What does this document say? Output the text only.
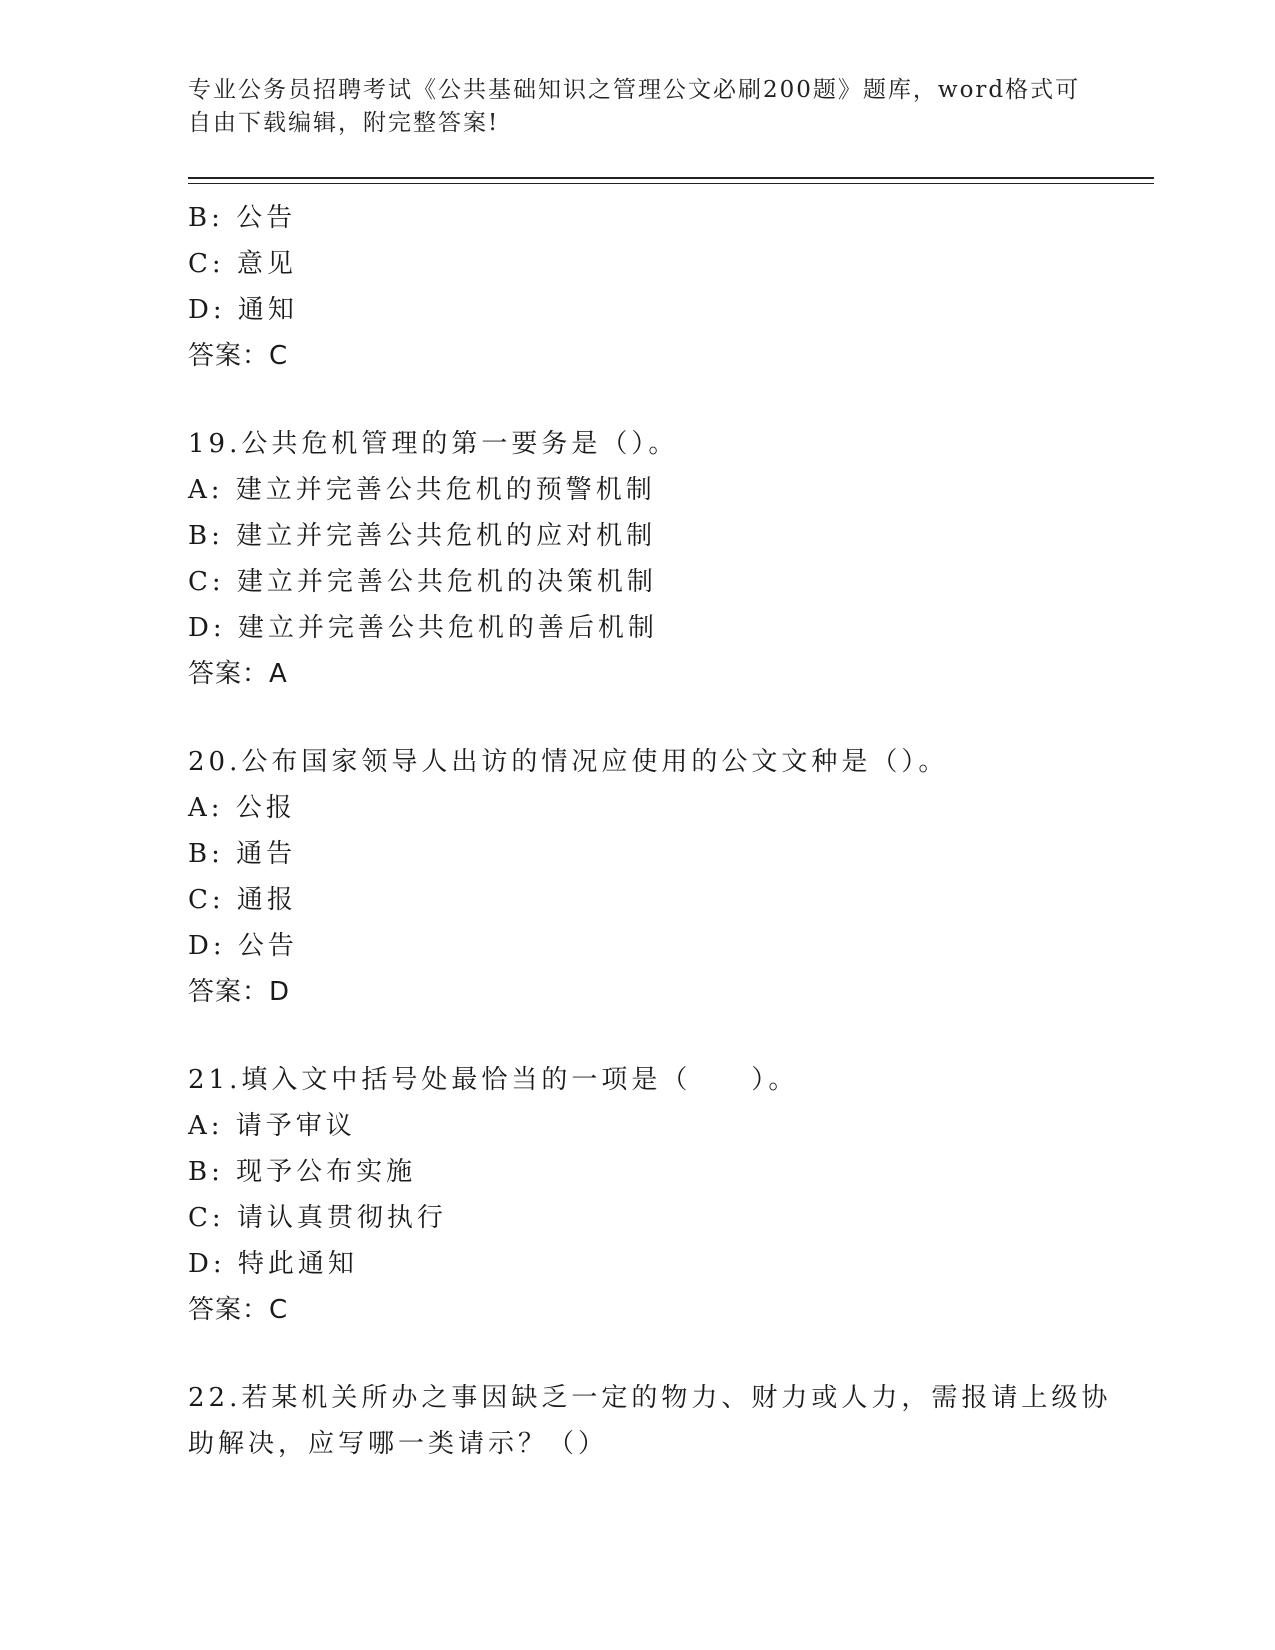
专业公务员招聘考试《公共基础知识之管理公文必刷200题》题库，word格式可
自由下载编辑，附完整答案!
B: 公告
C: 意见
D: 通知
答案：C
19.公共危机管理的第一要务是（）。
A: 建立并完善公共危机的预警机制
B: 建立并完善公共危机的应对机制
C: 建立并完善公共危机的决策机制
D: 建立并完善公共危机的善后机制
答案：A
20.公布国家领导人出访的情况应使用的公文文种是（）。
A: 公报
B: 通告
C: 通报
D: 公告
答案：D
21.填入文中括号处最恰当的一项是（　　）。
A: 请予审议
B: 现予公布实施
C: 请认真贯彻执行
D: 特此通知
答案：C
22.若某机关所办之事因缺乏一定的物力、财力或人力，需报请上级协
助解决，应写哪一类请示？（）
